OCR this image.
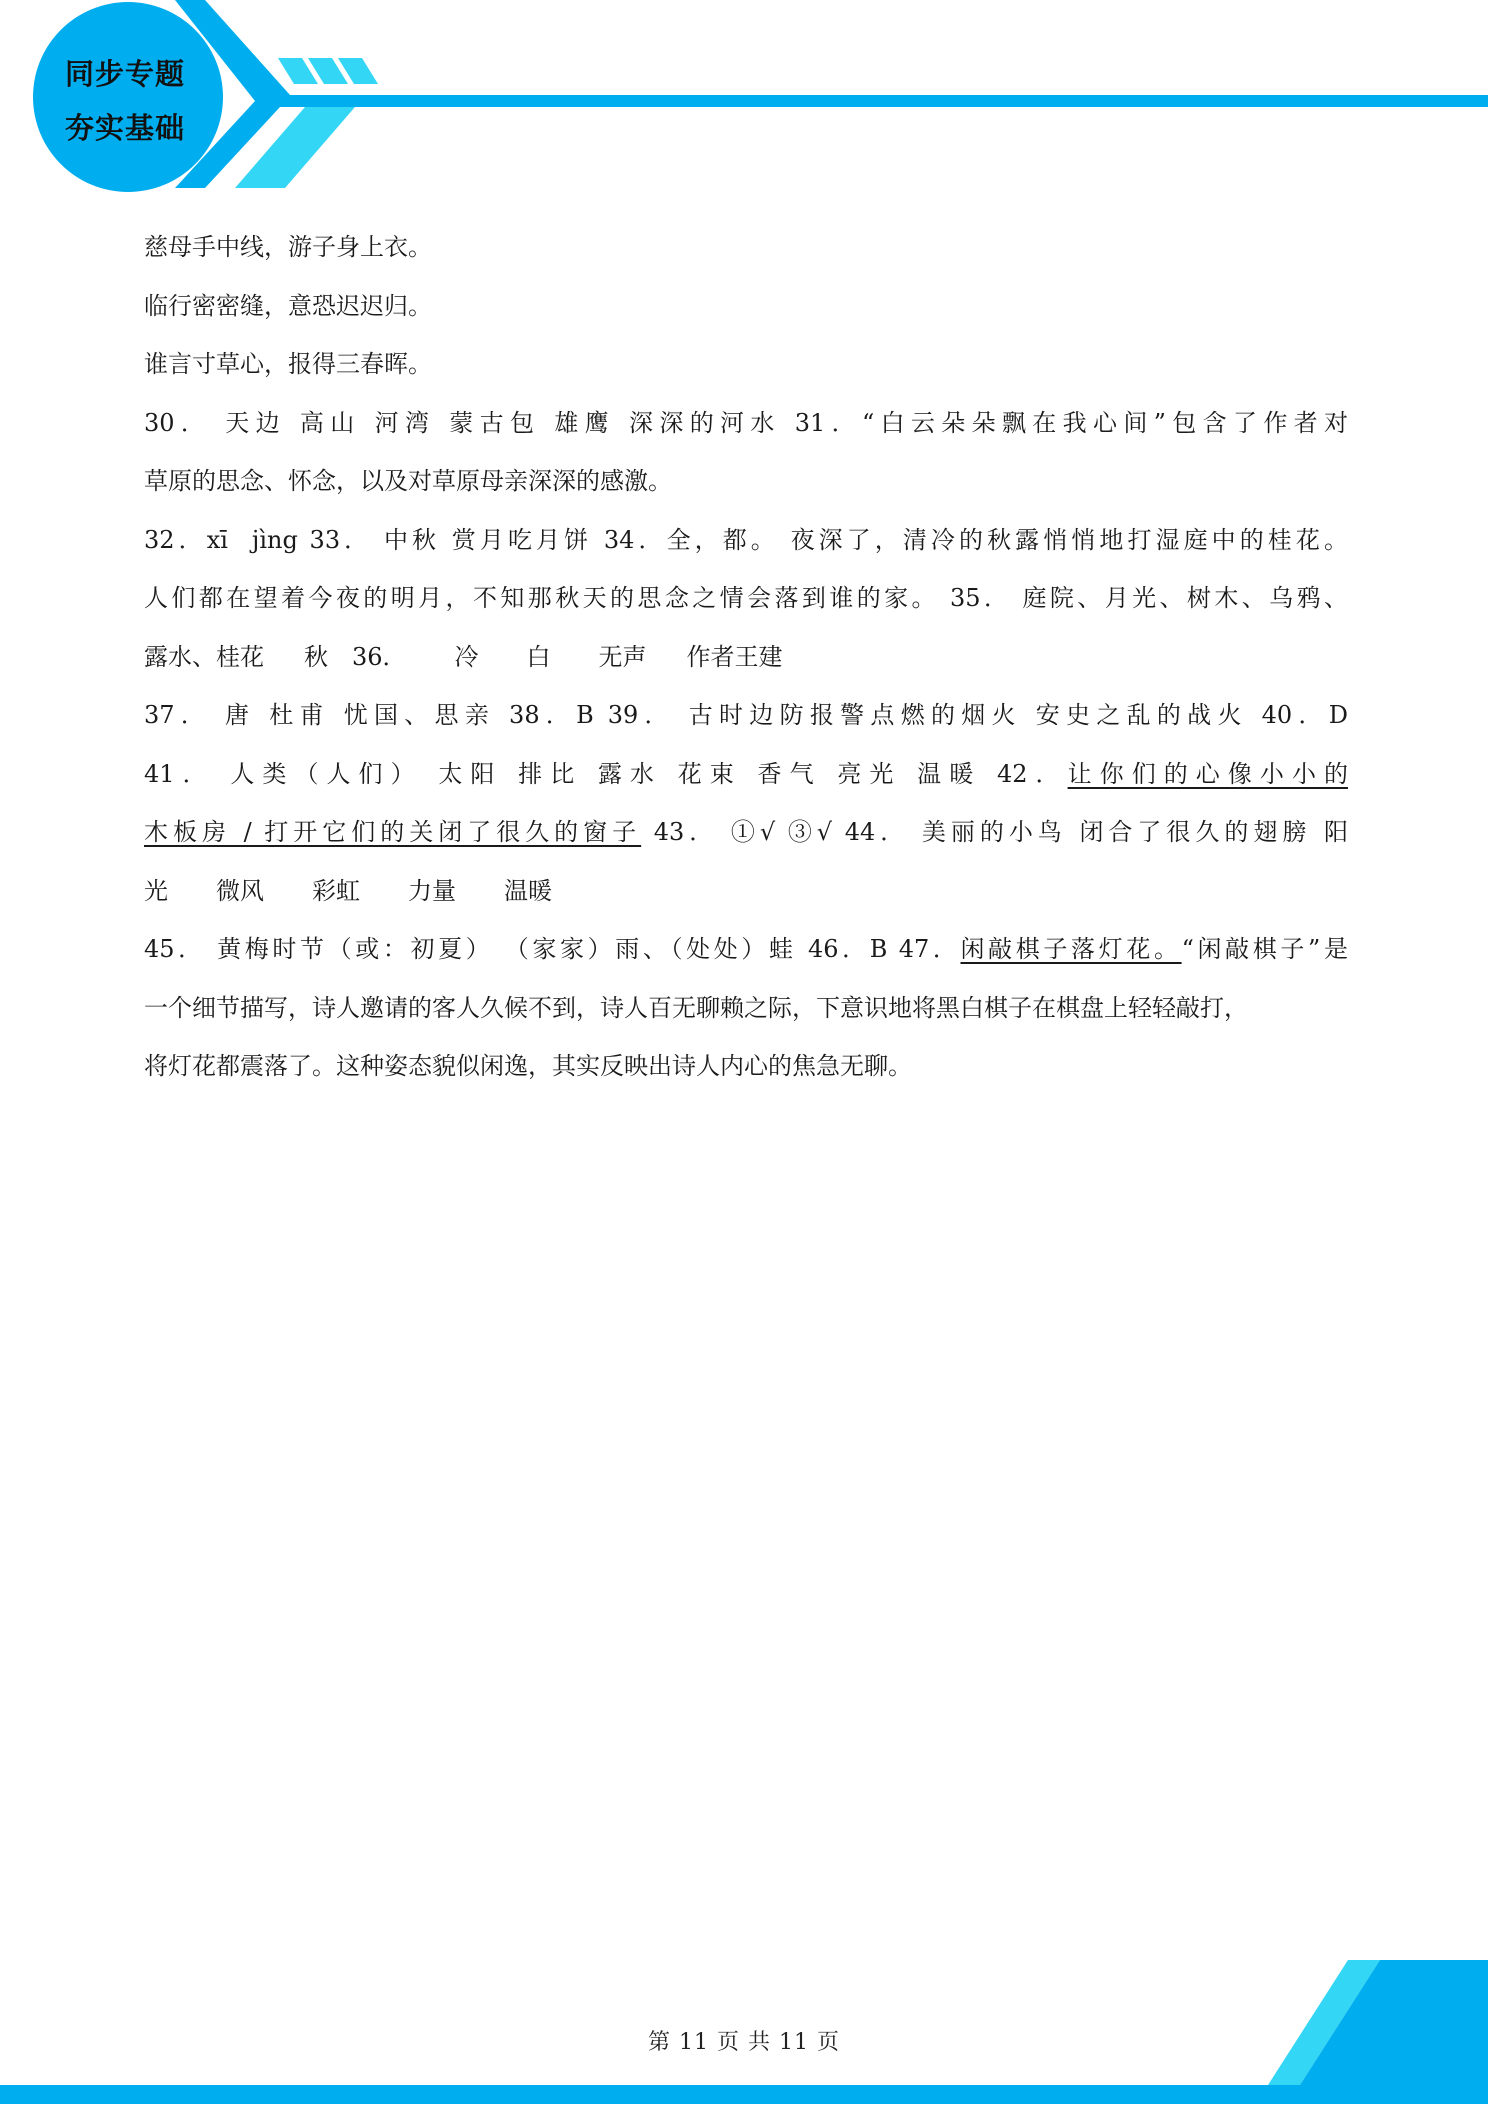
同步专题
夯实基础
慈母手中线，游子身上衣。
临行密密缝，意恐迟迟归。
谁言寸草心，报得三春晖。
30． 天边 高山 河湾 蒙古包 雄鹰 深深的河水 31．“白云朵朵飘在我心间”包含了作者对
草原的思念、怀念，以及对草原母亲深深的感激。
32．xī jìng 33． 中秋 赏月吃月饼 34．全，都。 夜深了，清冷的秋露悄悄地打湿庭中的桂花。
人们都在望着今夜的明月，不知那秋天的思念之情会落到谁的家。 35． 庭院、月光、树木、乌鸦、
露水、桂花 秋 36． 冷 白 无声 作者王建
37． 唐 杜甫 忧国、思亲 38．B 39． 古时边防报警点燃的烟火 安史之乱的战火 40．D
41． 人类（人们） 太阳 排比 露水 花束 香气 亮光 温暖 42．让你们的心像小小的
木板房 / 打开它们的关闭了很久的窗子 43． ①√ ③√ 44． 美丽的小鸟 闭合了很久的翅膀 阳
光 微风 彩虹 力量 温暖
45． 黄梅时节（或：初夏） （家家）雨、（处处）蛙 46．B 47．闲敲棋子落灯花。“闲敲棋子”是
一个细节描写，诗人邀请的客人久候不到，诗人百无聊赖之际，下意识地将黑白棋子在棋盘上轻轻敲打，
将灯花都震落了。这种姿态貌似闲逸，其实反映出诗人内心的焦急无聊。
第 11 页 共 11 页
